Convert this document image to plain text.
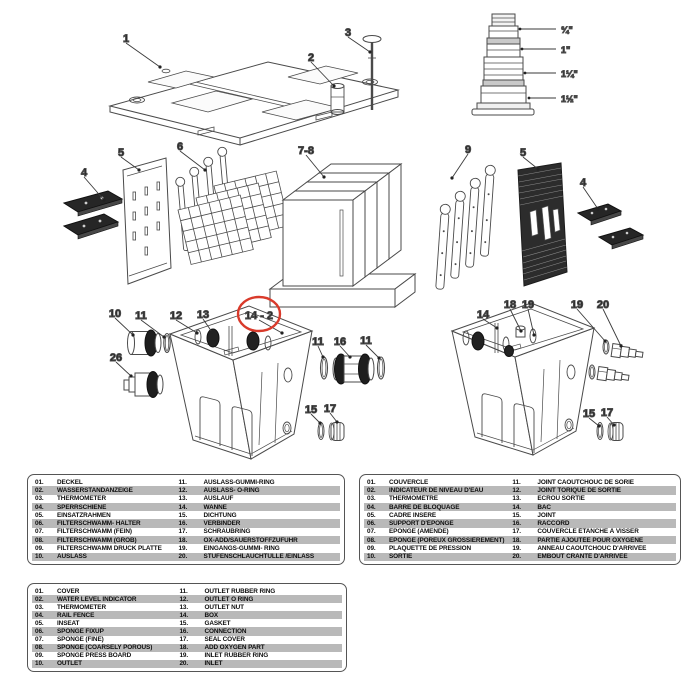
1
2
3
4
5	6	7-8	9	5
4
10 11 12 13	14 - 2
11 16 11
26
15 17
14
18 19	19 20
15 17
¾"
1"
1¼"
1½"
01.	DECKEL	11.	AUSLASS-GUMMI-RING
02.	WASSERSTANDANZEIGE	12.	AUSLASS- O-RING
03.	THERMOMETER	13.	AUSLAUF
04.	SPERRSCHIENE	14.	WANNE
05.	EINSATZRAHMEN	15.	DICHTUNG
06.	FILTERSCHWAMM- HALTER	16.	VERBINDER
07.	FILTERSCHWAMM (FEIN)	17.	SCHRAUBRING
08.	FILTERSCHWAMM (GROB)	18.	OX-ADD/SAUERSTOFFZUFUHR
09.	FILTERSCHWAMM DRUCK PLATTE	19.	EINGANGS-GUMMI- RING
10.	AUSLASS	20.	STUFENSCHLAUCHTÜLLE /EINLASS
01.	COUVERCLE	11.	JOINT CAOUTCHOUC DE SORIE
02.	INDICATEUR DE NIVEAU D'EAU	12.	JOINT TORIQUE DE SORTIE
03.	THERMOMÈTRE	13.	ECROU SORTIE
04.	BARRE DE BLOQUAGE	14.	BAC
05.	CADRE INSÉRÉ	15.	JOINT
06.	SUPPORT D'ÉPONGE	16.	RACCORD
07.	EPONGE (AMENDE)	17.	COUVERCLE ÉTANCHE À VISSER
08.	EPONGE (POREUX GROSSIÈREMENT)	18.	PARTIE AJOUTÉE POUR OXYGÈNE
09.	PLAQUETTE DE PRESSION	19.	ANNEAU CAOUTCHOUC D'ARRIVÉE
10.	SORTIE	20.	EMBOUT CRANTÉ D'ARRIVÉE
01.	COVER	11.	OUTLET RUBBER RING
02.	WATER LEVEL INDICATOR	12.	OUTLET O RING
03.	THERMOMETER	13.	OUTLET NUT
04.	RAIL FENCE	14.	BOX
05.	INSEAT	15.	GASKET
06.	SPONGE FIXUP	16.	CONNECTION
07.	SPONGE (FINE)	17.	SEAL COVER
08.	SPONGE (COARSELY POROUS)	18.	ADD OXYGEN PART
09.	SPONGE PRESS BOARD	19.	INLET RUBBER RING
10.	OUTLET	20.	INLET
